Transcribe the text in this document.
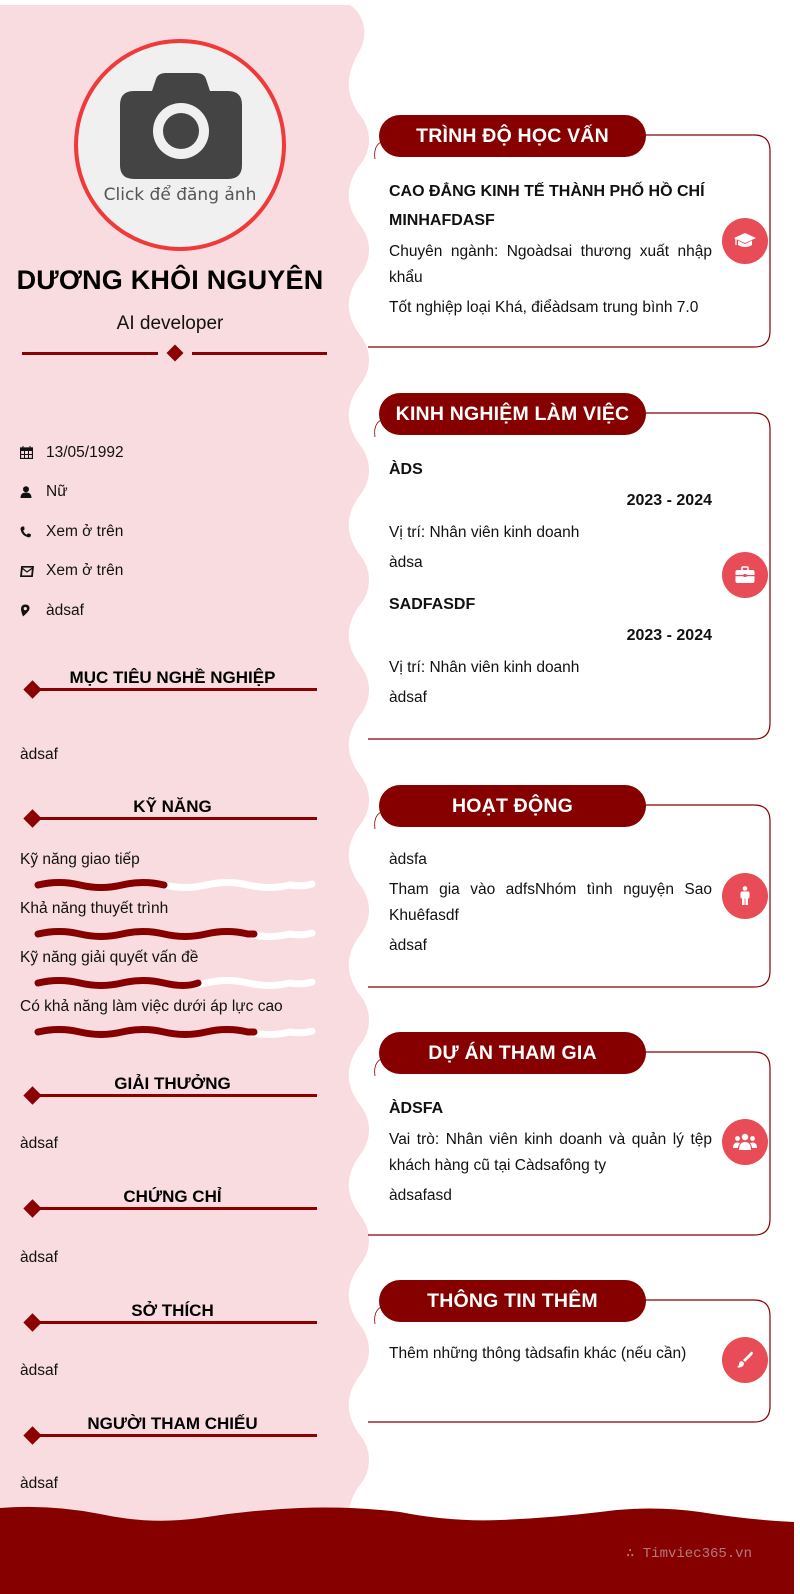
Click để đăng ảnh
DƯƠNG KHÔI NGUYÊN
AI developer
13/05/1992
Nữ
Xem ở trên
Xem ở trên
àdsaf
MỤC TIÊU NGHỀ NGHIỆP
àdsaf
KỸ NĂNG
Kỹ năng giao tiếp
Khả năng thuyết trình
Kỹ năng giải quyết vấn đề
Có khả năng làm việc dưới áp lực cao
GIẢI THƯỞNG
àdsaf
CHỨNG CHỈ
àdsaf
SỞ THÍCH
àdsaf
NGƯỜI THAM CHIẾU
àdsaf
TRÌNH ĐỘ HỌC VẤN

CAO ĐẲNG KINH TẾ THÀNH PHỐ HỒ CHÍ MINHAFDASF

Chuyên ngành: Ngoàdsai thương xuất nhập khẩu

Tốt nghiệp loại Khá, điểàdsam trung bình 7.0

KINH NGHIỆM LÀM VIỆC

ÀDS

2023 - 2024

Vị trí: Nhân viên kinh doanh

àdsa

SADFASDF

2023 - 2024

Vị trí: Nhân viên kinh doanh

àdsaf

HOẠT ĐỘNG

àdsfa

Tham gia vào adfsNhóm tình nguyện Sao Khuêfasdf

àdsaf

DỰ ÁN THAM GIA

ÀDSFA

Vai trò: Nhân viên kinh doanh và quản lý tệp khách hàng cũ tại Càdsafông ty

àdsafasd

THÔNG TIN THÊM

Thêm những thông tàdsafin khác (nếu cần)

∴ Timviec365.vn
